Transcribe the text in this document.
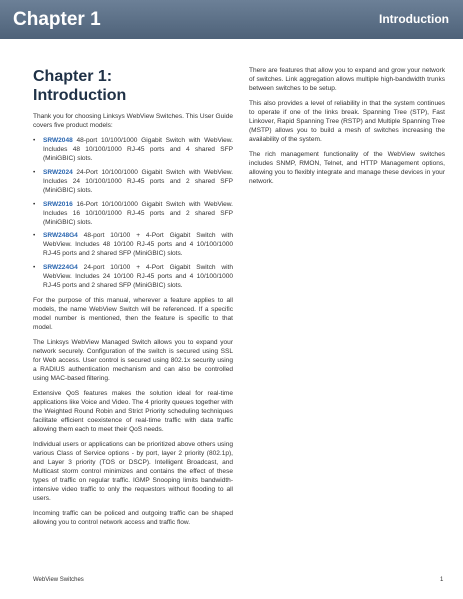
Chapter 1	Introduction
Chapter 1:
Introduction

Thank you for choosing Linksys WebView Switches. This User Guide covers five product models:

• SRW2048 48-port 10/100/1000 Gigabit Switch with WebView. Includes 48 10/100/1000 RJ-45 ports and 4 shared SFP (MiniGBIC) slots.
• SRW2024 24-Port 10/100/1000 Gigabit Switch with WebView. Includes 24 10/100/1000 RJ-45 ports and 2 shared SFP (MiniGBIC) slots.
• SRW2016 16-Port 10/100/1000 Gigabit Switch with WebView. Includes 16 10/100/1000 RJ-45 ports and 2 shared SFP (MiniGBIC) slots.
• SRW248G4 48-port 10/100 + 4-Port Gigabit Switch with WebView. Includes 48 10/100 RJ-45 ports and 4 10/100/1000 RJ-45 ports and 2 shared SFP (MiniGBIC) slots.
• SRW224G4 24-port 10/100 + 4-Port Gigabit Switch with WebView. Includes 24 10/100 RJ-45 ports and 4 10/100/1000 RJ-45 ports and 2 shared SFP (MiniGBIC) slots.

For the purpose of this manual, wherever a feature applies to all models, the name WebView Switch will be referenced. If a specific model number is mentioned, then the feature is specific to that model.

The Linksys WebView Managed Switch allows you to expand your network securely. Configuration of the switch is secured using SSL for Web access. User control is secured using 802.1x security using a RADIUS authentication mechanism and can also be controlled using MAC-based filtering.

Extensive QoS features makes the solution ideal for real-time applications like Voice and Video. The 4 priority queues together with the Weighted Round Robin and Strict Priority scheduling techniques facilitate efficient coexistence of real-time traffic with data traffic allowing them each to meet their QoS needs.

Individual users or applications can be prioritized above others using various Class of Service options - by port, layer 2 priority (802.1p), and Layer 3 priority (TOS or DSCP). Intelligent Broadcast, and Multicast storm control minimizes and contains the effect of these types of traffic on regular traffic. IGMP Snooping limits bandwidth-intensive video traffic to only the requestors without flooding to all users.

Incoming traffic can be policed and outgoing traffic can be shaped allowing you to control network access and traffic flow.

There are features that allow you to expand and grow your network of switches. Link aggregation allows multiple high-bandwidth trunks between switches to be setup.

This also provides a level of reliability in that the system continues to operate if one of the links break. Spanning Tree (STP), Fast Linkover, Rapid Spanning Tree (RSTP) and Multiple Spanning Tree (MSTP) allows you to build a mesh of switches increasing the availability of the system.

The rich management functionality of the WebView switches includes SNMP, RMON, Telnet, and HTTP Management options, allowing you to flexibly integrate and manage these devices in your network.

WebView Switches	1
